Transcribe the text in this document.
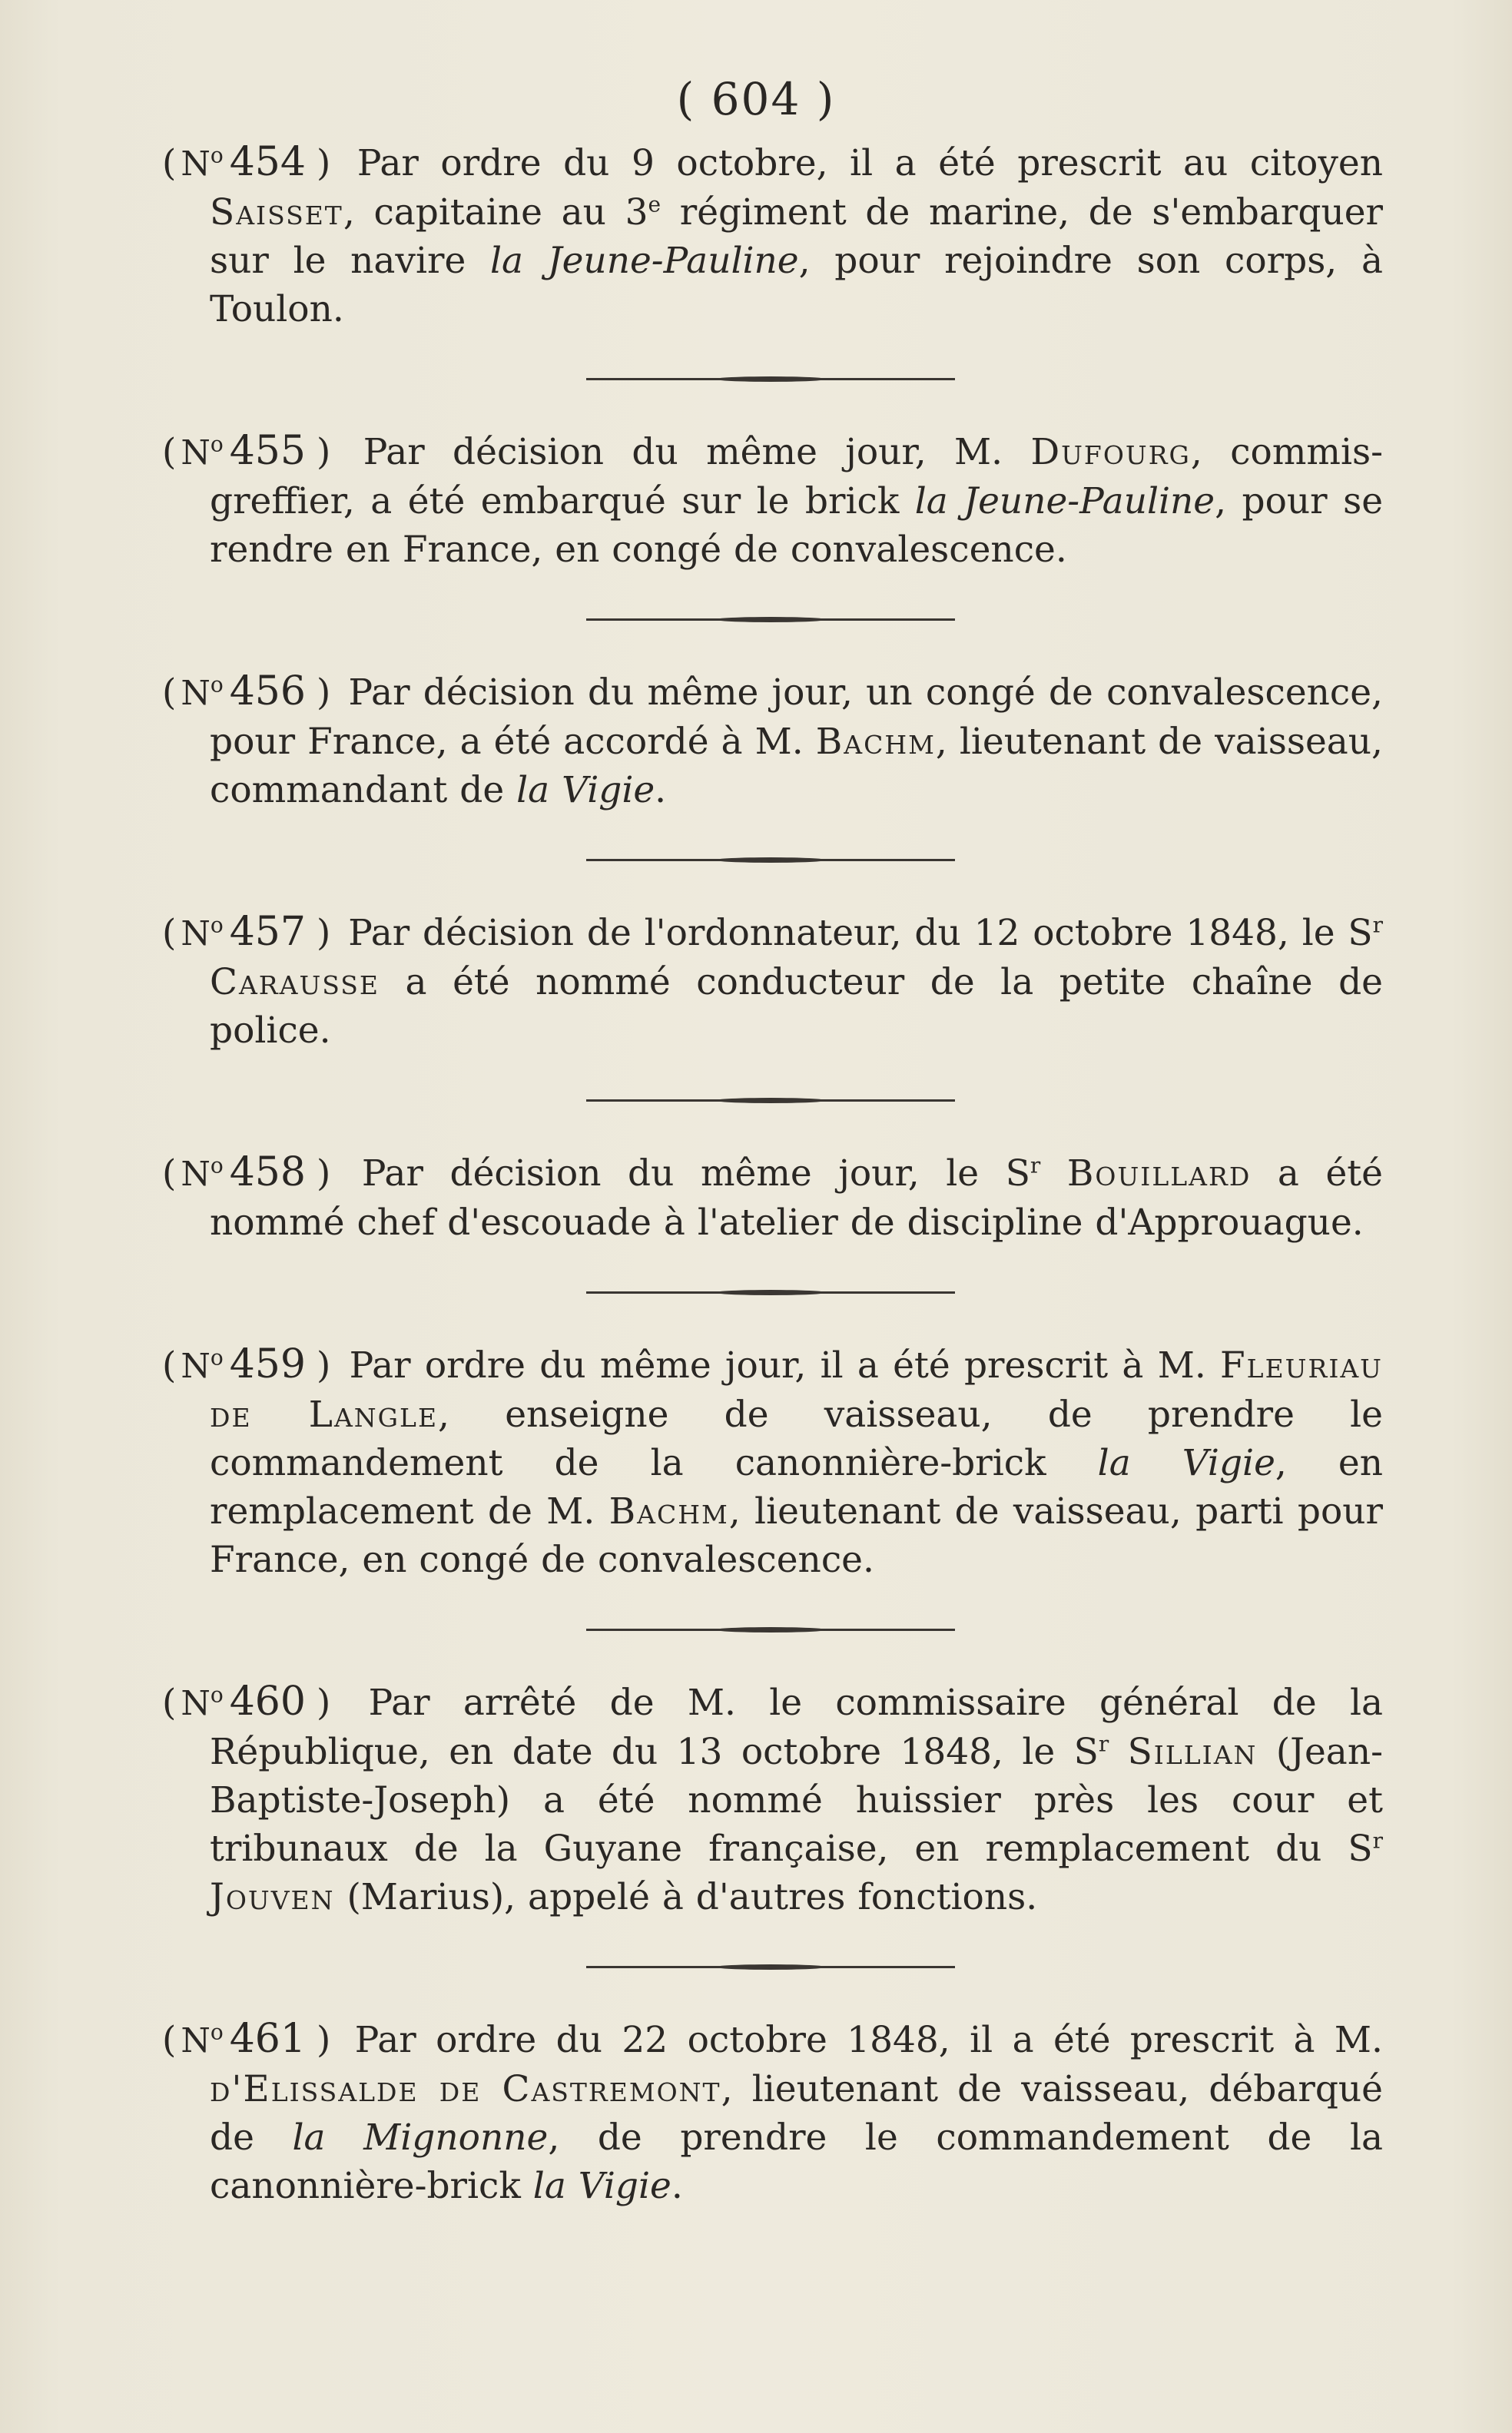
( 604 )
( $N^o$ 454 ) Par ordre du 9 octobre, il a été prescrit au citoyen Saisset, capitaine au 3e régiment de marine, de s'embarquer sur le navire la Jeune-Pauline, pour rejoindre son corps, à Toulon.
( $N^o$ 455 ) Par décision du même jour, M. Dufourg, commis-greffier, a été embarqué sur le brick la Jeune-Pauline, pour se rendre en France, en congé de convalescence.
( $N^o$ 456 ) Par décision du même jour, un congé de convalescence, pour France, a été accordé à M. Bachm, lieutenant de vaisseau, commandant de la Vigie.
( $N^o$ 457 ) Par décision de l'ordonnateur, du 12 octobre 1848, le $S^r$ Carausse a été nommé conducteur de la petite chaîne de police.
( $N^o$ 458 ) Par décision du même jour, le $S^r$ Bouillard a été nommé chef d'escouade à l'atelier de discipline d'Approuague.
( $N^o$ 459 ) Par ordre du même jour, il a été prescrit à M. Fleuriau de Langle, enseigne de vaisseau, de prendre le commandement de la canonnière-brick la Vigie, en remplacement de M. Bachm, lieutenant de vaisseau, parti pour France, en congé de convalescence.
( $N^o$ 460 ) Par arrêté de M. le commissaire général de la République, en date du 13 octobre 1848, le $S^r$ Sillian (Jean-Baptiste-Joseph) a été nommé huissier près les cour et tribunaux de la Guyane française, en remplacement du $S^r$ Jouven (Marius), appelé à d'autres fonctions.
( $N^o$ 461 ) Par ordre du 22 octobre 1848, il a été prescrit à M. d'Elissalde de Castremont, lieutenant de vaisseau, débarqué de la Mignonne, de prendre le commandement de la canonnière-brick la Vigie.
